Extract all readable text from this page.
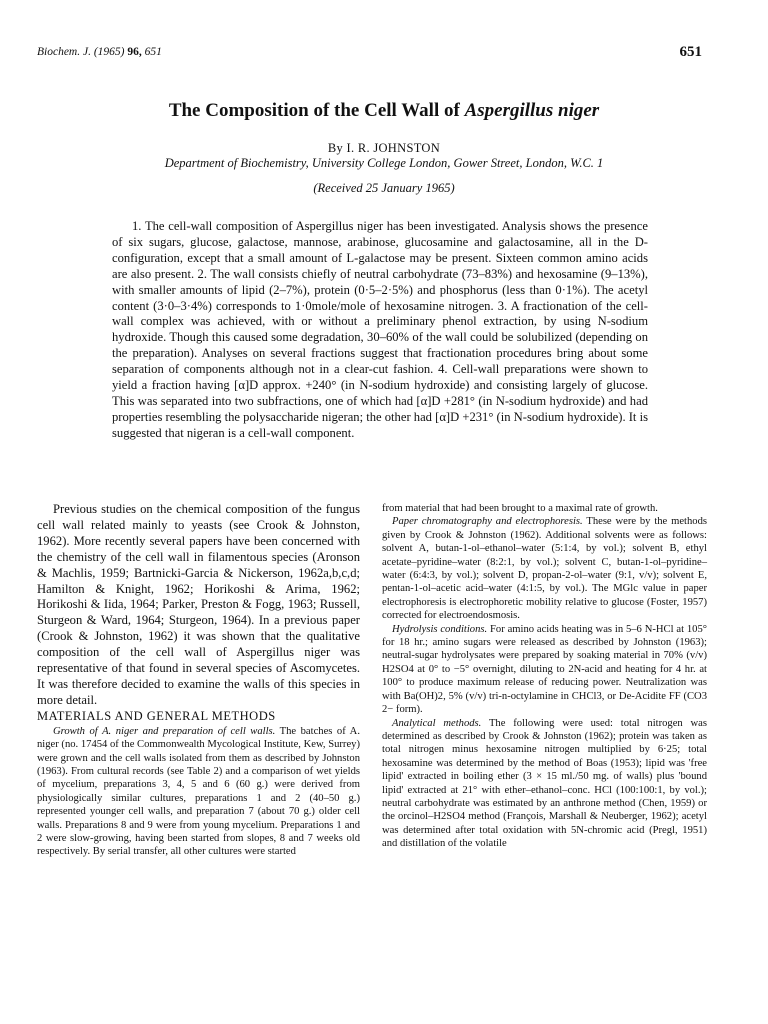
Biochem. J. (1965) 96, 651	651
The Composition of the Cell Wall of Aspergillus niger
By I. R. JOHNSTON
Department of Biochemistry, University College London, Gower Street, London, W.C. 1
(Received 25 January 1965)
1. The cell-wall composition of Aspergillus niger has been investigated. Analysis shows the presence of six sugars, glucose, galactose, mannose, arabinose, glucosamine and galactosamine, all in the D-configuration, except that a small amount of L-galactose may be present. Sixteen common amino acids are also present. 2. The wall consists chiefly of neutral carbohydrate (73–83%) and hexosamine (9–13%), with smaller amounts of lipid (2–7%), protein (0·5–2·5%) and phosphorus (less than 0·1%). The acetyl content (3·0–3·4%) corresponds to 1·0mole/mole of hexosamine nitrogen. 3. A fractionation of the cell-wall complex was achieved, with or without a preliminary phenol extraction, by using N-sodium hydroxide. Though this caused some degradation, 30–60% of the wall could be solubilized (depending on the preparation). Analyses on several fractions suggest that fractionation procedures bring about some separation of components although not in a clear-cut fashion. 4. Cell-wall preparations were shown to yield a fraction having [α]D approx. +240° (in N-sodium hydroxide) and consisting largely of glucose. This was separated into two subfractions, one of which had [α]D +281° (in N-sodium hydroxide) and had properties resembling the polysaccharide nigeran; the other had [α]D +231° (in N-sodium hydroxide). It is suggested that nigeran is a cell-wall component.

Previous studies on the chemical composition of the fungus cell wall related mainly to yeasts (see Crook & Johnston, 1962). More recently several papers have been concerned with the chemistry of the cell wall in filamentous species (Aronson & Machlis, 1959; Bartnicki-Garcia & Nickerson, 1962a,b,c,d; Hamilton & Knight, 1962; Horikoshi & Arima, 1962; Horikoshi & Iida, 1964; Parker, Preston & Fogg, 1963; Russell, Sturgeon & Ward, 1964; Sturgeon, 1964). In a previous paper (Crook & Johnston, 1962) it was shown that the qualitative composition of the cell wall of Aspergillus niger was representative of that found in several species of Ascomycetes. It was therefore decided to examine the walls of this species in more detail.

MATERIALS AND GENERAL METHODS

Growth of A. niger and preparation of cell walls. The batches of A. niger (no. 17454 of the Commonwealth Mycological Institute, Kew, Surrey) were grown and the cell walls isolated from them as described by Johnston (1963). From cultural records (see Table 2) and a comparison of wet yields of mycelium, preparations 3, 4, 5 and 6 (60 g.) were derived from physiologically similar cultures, preparations 1 and 2 (40–50 g.) represented younger cell walls, and preparation 7 (about 70 g.) older cell walls. Preparations 8 and 9 were from young mycelium. Preparations 1 and 2 were slow-growing, having been started from slopes, 8 and 7 weeks old respectively. By serial transfer, all other cultures were started

from material that had been brought to a maximal rate of growth.

Paper chromatography and electrophoresis. These were by the methods given by Crook & Johnston (1962). Additional solvents were as follows: solvent A, butan-1-ol–ethanol–water (5:1:4, by vol.); solvent B, ethyl acetate–pyridine–water (8:2:1, by vol.); solvent C, butan-1-ol–pyridine–water (6:4:3, by vol.); solvent D, propan-2-ol–water (9:1, v/v); solvent E, pentan-1-ol–acetic acid–water (4:1:5, by vol.). The MGlc value in paper electrophoresis is electrophoretic mobility relative to glucose (Foster, 1957) corrected for electroendosmosis.

Hydrolysis conditions. For amino acids heating was in 5–6 N-HCl at 105° for 18 hr.; amino sugars were released as described by Johnston (1963); neutral-sugar hydrolysates were prepared by soaking material in 70% (v/v) H2SO4 at 0° to −5° overnight, diluting to 2N-acid and heating for 4 hr. at 100° to produce maximum release of reducing power. Neutralization was with Ba(OH)2, 5% (v/v) tri-n-octylamine in CHCl3, or De-Acidite FF (CO3 2− form).

Analytical methods. The following were used: total nitrogen was determined as described by Crook & Johnston (1962); protein was taken as total nitrogen minus hexosamine nitrogen multiplied by 6·25; total hexosamine was determined by the method of Boas (1953); lipid was 'free lipid' extracted in boiling ether (3 × 15 ml./50 mg. of walls) plus 'bound lipid' extracted at 21° with ether–ethanol–conc. HCl (100:100:1, by vol.); neutral carbohydrate was estimated by an anthrone method (Chen, 1959) or the orcinol–H2SO4 method (François, Marshall & Neuberger, 1962); acetyl was determined after total oxidation with 5N-chromic acid (Pregl, 1951) and distillation of the volatile
